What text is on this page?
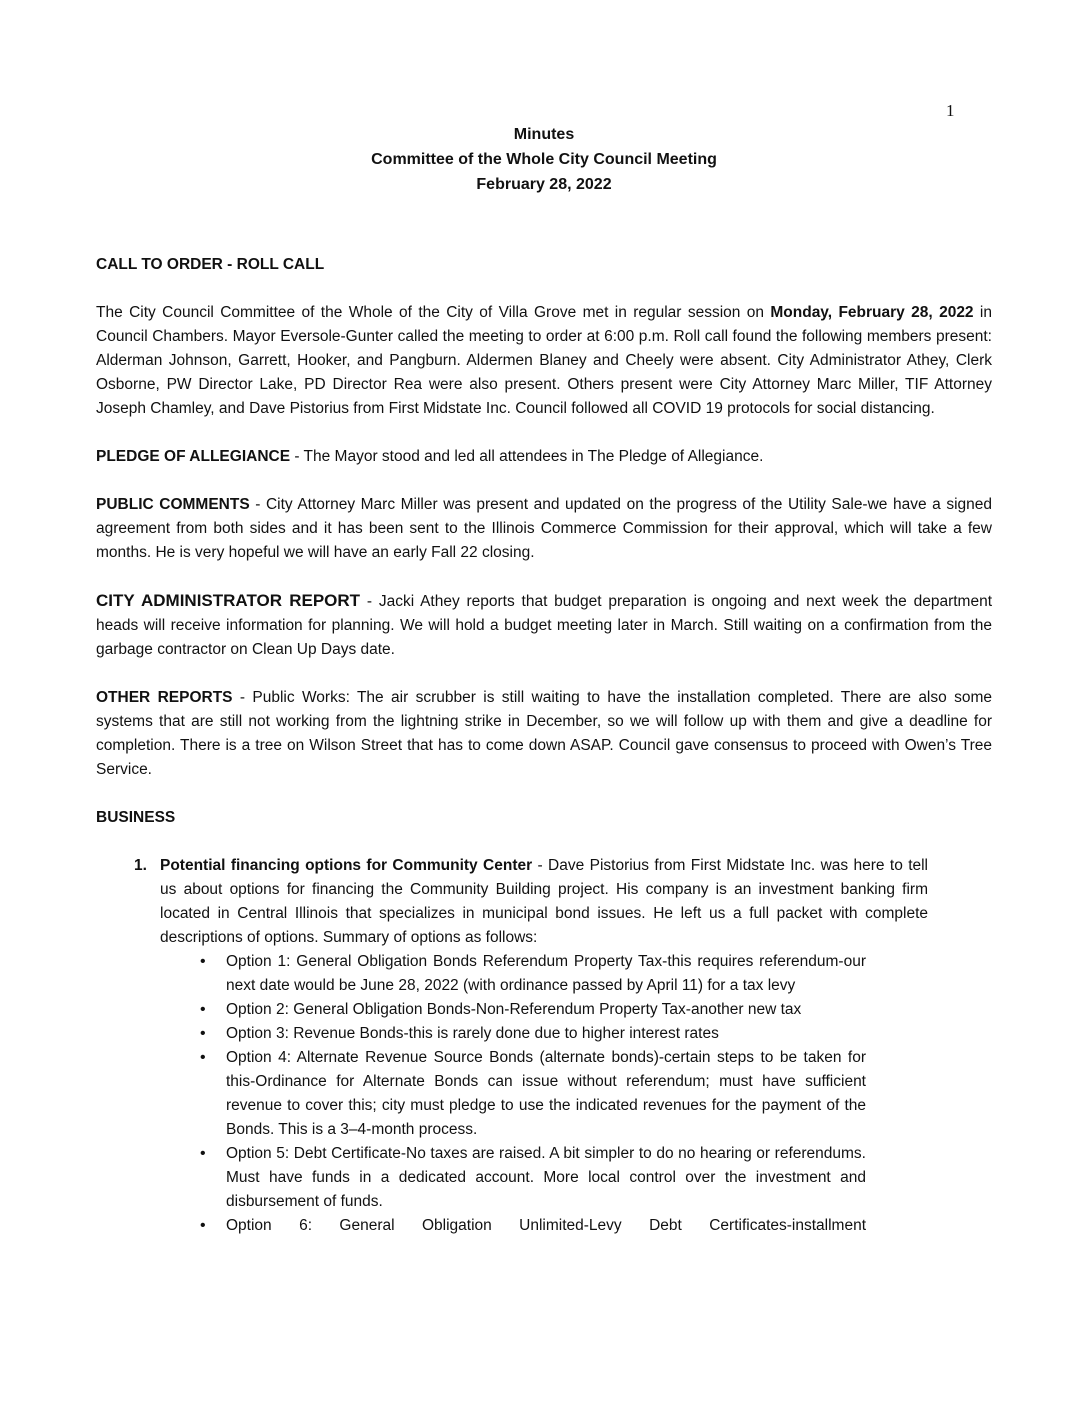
1
Minutes
Committee of the Whole City Council Meeting
February 28, 2022
CALL TO ORDER - ROLL CALL

The City Council Committee of the Whole of the City of Villa Grove met in regular session on Monday, February 28, 2022 in Council Chambers. Mayor Eversole-Gunter called the meeting to order at 6:00 p.m. Roll call found the following members present: Alderman Johnson, Garrett, Hooker, and Pangburn. Aldermen Blaney and Cheely were absent. City Administrator Athey, Clerk Osborne, PW Director Lake, PD Director Rea were also present. Others present were City Attorney Marc Miller, TIF Attorney Joseph Chamley, and Dave Pistorius from First Midstate Inc. Council followed all COVID 19 protocols for social distancing.

PLEDGE OF ALLEGIANCE - The Mayor stood and led all attendees in The Pledge of Allegiance.

PUBLIC COMMENTS - City Attorney Marc Miller was present and updated on the progress of the Utility Sale-we have a signed agreement from both sides and it has been sent to the Illinois Commerce Commission for their approval, which will take a few months. He is very hopeful we will have an early Fall 22 closing.

CITY ADMINISTRATOR REPORT - Jacki Athey reports that budget preparation is ongoing and next week the department heads will receive information for planning. We will hold a budget meeting later in March. Still waiting on a confirmation from the garbage contractor on Clean Up Days date.

OTHER REPORTS - Public Works: The air scrubber is still waiting to have the installation completed. There are also some systems that are still not working from the lightning strike in December, so we will follow up with them and give a deadline for completion. There is a tree on Wilson Street that has to come down ASAP. Council gave consensus to proceed with Owen’s Tree Service.

BUSINESS
1. Potential financing options for Community Center - Dave Pistorius from First Midstate Inc. was here to tell us about options for financing the Community Building project. His company is an investment banking firm located in Central Illinois that specializes in municipal bond issues. He left us a full packet with complete descriptions of options. Summary of options as follows:
• Option 1: General Obligation Bonds Referendum Property Tax-this requires referendum-our next date would be June 28, 2022 (with ordinance passed by April 11) for a tax levy
• Option 2: General Obligation Bonds-Non-Referendum Property Tax-another new tax
• Option 3: Revenue Bonds-this is rarely done due to higher interest rates
• Option 4: Alternate Revenue Source Bonds (alternate bonds)-certain steps to be taken for this-Ordinance for Alternate Bonds can issue without referendum; must have sufficient revenue to cover this; city must pledge to use the indicated revenues for the payment of the Bonds. This is a 3–4-month process.
• Option 5: Debt Certificate-No taxes are raised. A bit simpler to do no hearing or referendums. Must have funds in a dedicated account. More local control over the investment and disbursement of funds.
• Option 6: General Obligation Unlimited-Levy Debt Certificates-installment
